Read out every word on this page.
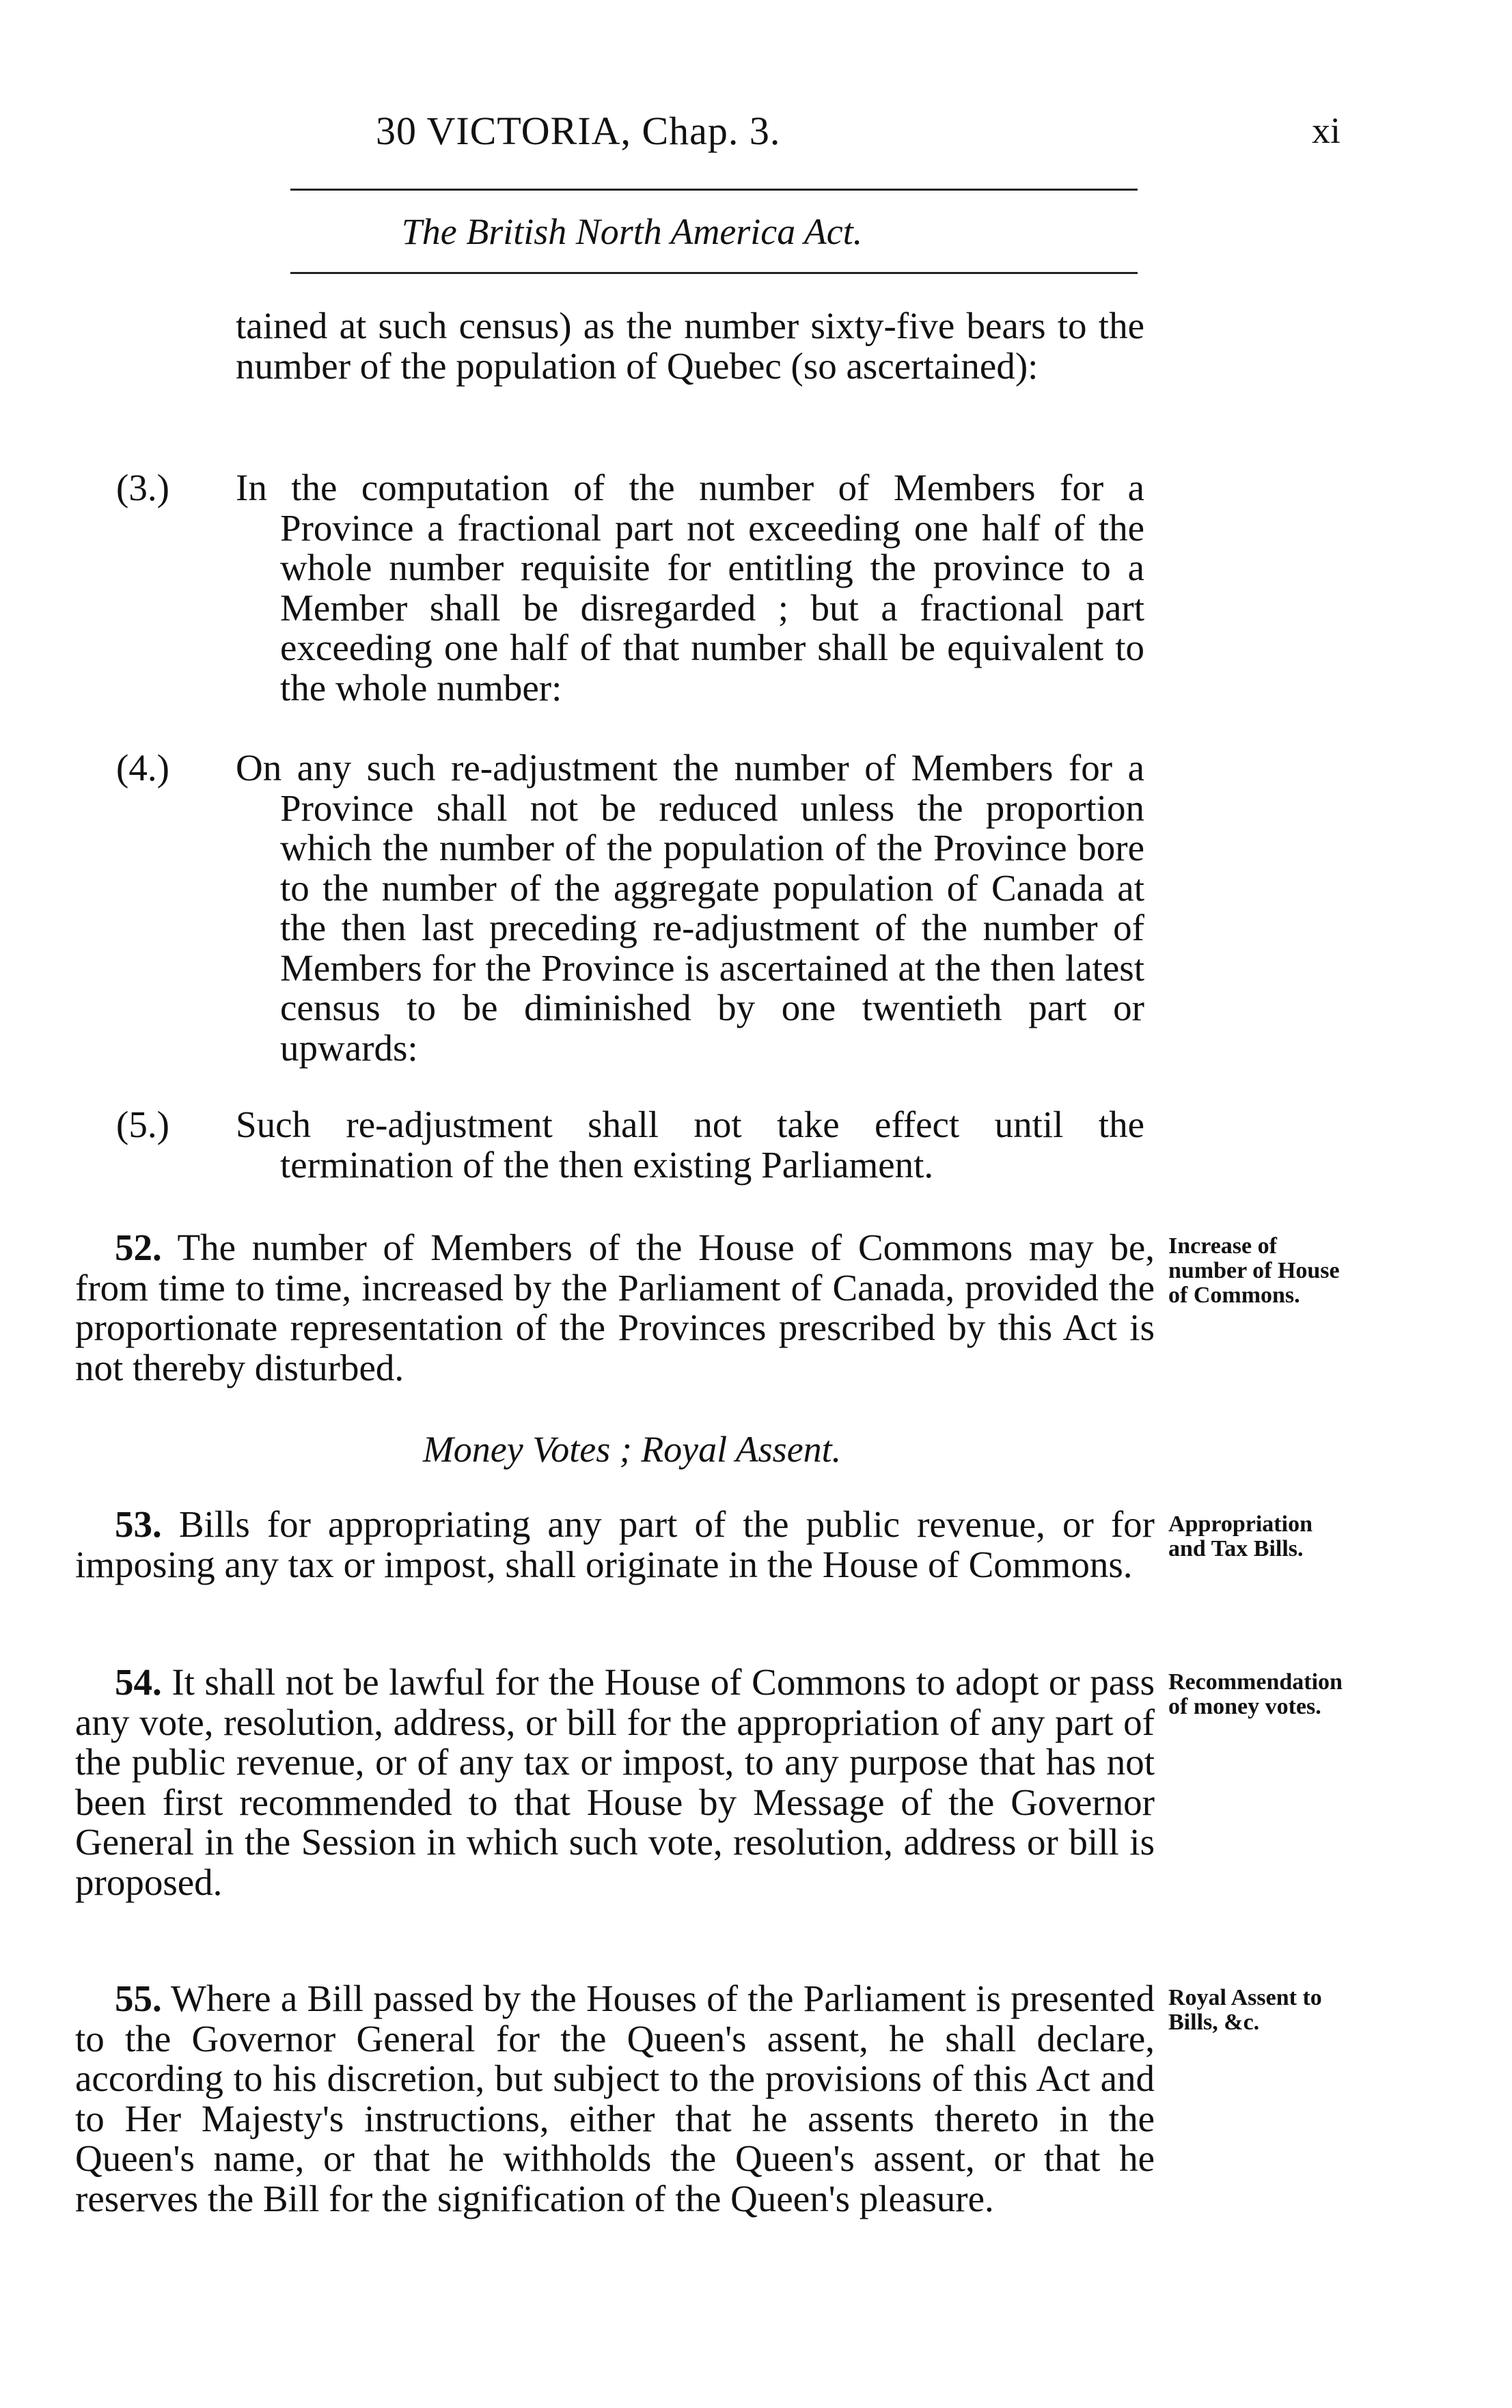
30 VICTORIA, Chap. 3.	xi
The British North America Act.
tained at such census) as the number sixty-five bears to the number of the population of Quebec (so ascertained):
(3.) In the computation of the number of Members for a Province a fractional part not exceeding one half of the whole number requisite for entitling the province to a Member shall be disregarded ; but a fractional part exceeding one half of that number shall be equivalent to the whole number:
(4.) On any such re-adjustment the number of Members for a Province shall not be reduced unless the proportion which the number of the population of the Province bore to the number of the aggregate population of Canada at the then last preceding re-adjustment of the number of Members for the Province is ascertained at the then latest census to be diminished by one twentieth part or upwards:
(5.) Such re-adjustment shall not take effect until the termination of the then existing Parliament.
52. The number of Members of the House of Commons may be, from time to time, increased by the Parliament of Canada, provided the proportionate representation of the Provinces prescribed by this Act is not thereby disturbed.
Increase of number of House of Commons.
Money Votes ; Royal Assent.
53. Bills for appropriating any part of the public revenue, or for imposing any tax or impost, shall originate in the House of Commons.
Appropriation and Tax Bills.
54. It shall not be lawful for the House of Commons to adopt or pass any vote, resolution, address, or bill for the appropriation of any part of the public revenue, or of any tax or impost, to any purpose that has not been first recommended to that House by Message of the Governor General in the Session in which such vote, resolution, address or bill is proposed.
Recommendation of money votes.
55. Where a Bill passed by the Houses of the Parliament is presented to the Governor General for the Queen's assent, he shall declare, according to his discretion, but subject to the provisions of this Act and to Her Majesty's instructions, either that he assents thereto in the Queen's name, or that he withholds the Queen's assent, or that he reserves the Bill for the signification of the Queen's pleasure.
Royal Assent to Bills, &c.
